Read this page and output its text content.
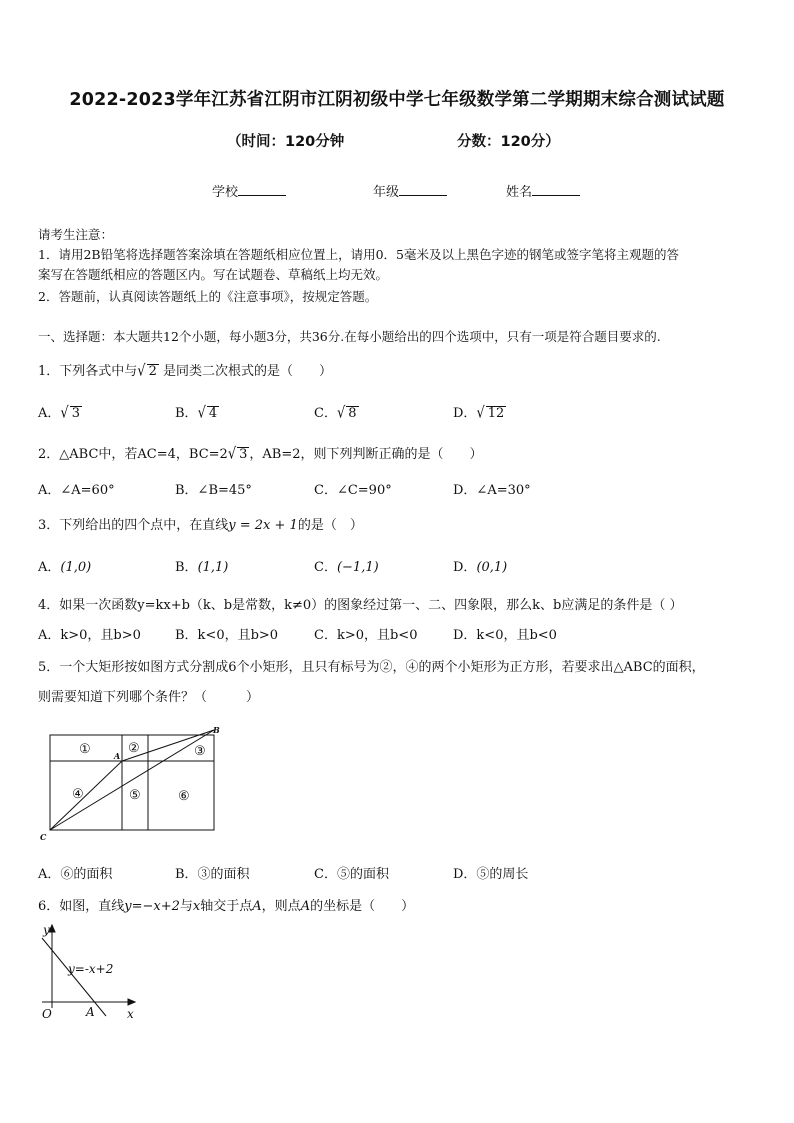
2022-2023学年江苏省江阴市江阴初级中学七年级数学第二学期期末综合测试试题
（时间：120分钟	分数：120分）
学校	年级	姓名
请考生注意：
1．请用2B铅笔将选择题答案涂填在答题纸相应位置上，请用0．5毫米及以上黑色字迹的钢笔或签字笔将主观题的答
案写在答题纸相应的答题区内。写在试题卷、草稿纸上均无效。
2．答题前，认真阅读答题纸上的《注意事项》，按规定答题。
一、选择题：本大题共12个小题，每小题3分，共36分.在每小题给出的四个选项中，只有一项是符合题目要求的.
1．下列各式中与√ 2 是同类二次根式的是（　　）
A．√ 3	B．√ 4	C．√ 8	D．√ 12
2．△ABC中，若AC=4，BC=2√ 3 ，AB=2，则下列判断正确的是（　　）
A．∠A=60°	B．∠B=45°	C．∠C=90°	D．∠A=30°
3．下列给出的四个点中，在直线y = 2x + 1的是（　）
A．(1,0)	B．(1,1)	C．(−1,1)	D．(0,1)
4．如果一次函数y=kx+b（k、b是常数，k≠0）的图象经过第一、二、四象限，那么k、b应满足的条件是（ ）
A．k>0，且b>0	B．k<0，且b>0	C．k>0，且b<0	D．k<0，且b<0
5．一个大矩形按如图方式分割成6个小矩形，且只有标号为②，④的两个小矩形为正方形，若要求出△ABC的面积，
则需要知道下列哪个条件？（　　　）
①	②	③
④	⑤	⑥
A
B
C
A．⑥的面积	B．③的面积	C．⑤的面积	D．⑤的周长
6．如图，直线y=−x+2与x轴交于点A，则点A的坐标是（　　）
y
x
O	A
y=-x+2
